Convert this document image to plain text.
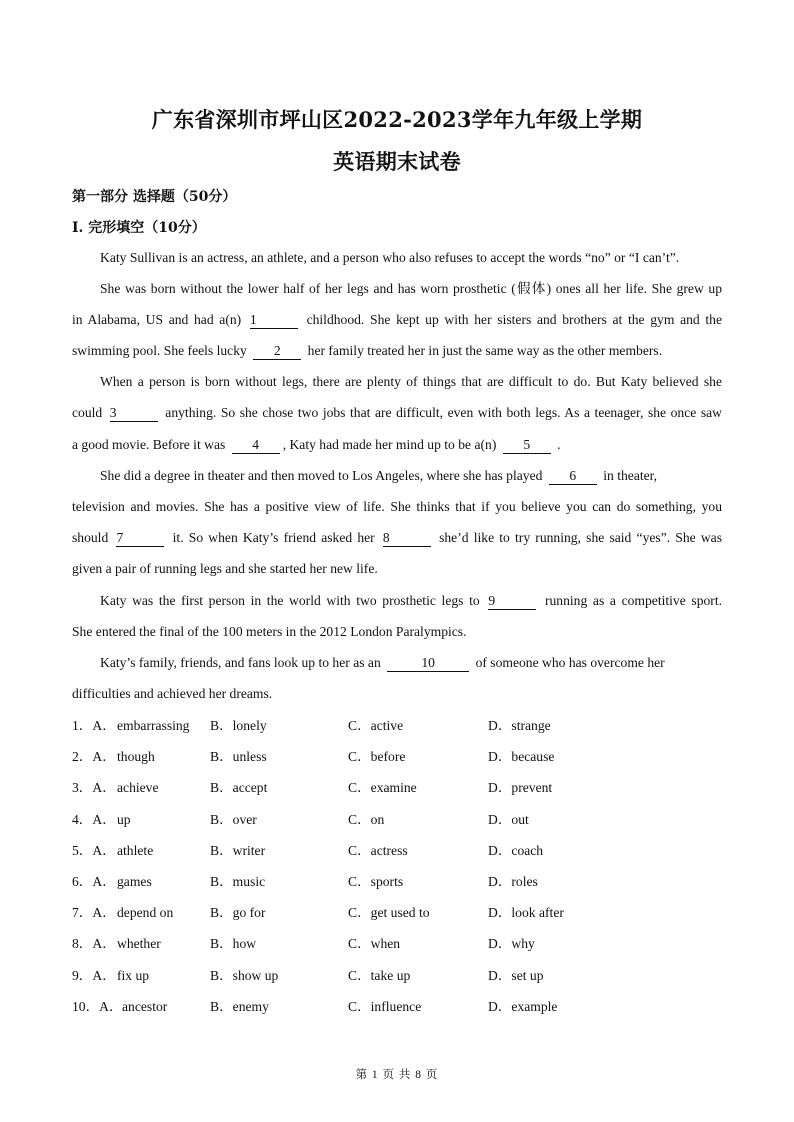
广东省深圳市坪山区2022-2023学年九年级上学期
英语期末试卷
第一部分 选择题（50分）
I. 完形填空（10分）
Katy Sullivan is an actress, an athlete, and a person who also refuses to accept the words “no” or “I can’t”.
She was born without the lower half of her legs and has worn prosthetic (假体) ones all her life. She grew up
in Alabama, US and had a(n) 1	childhood. She kept up with her sisters and brothers at the gym and the
swimming pool. She feels lucky 2 her family treated her in just the same way as the other members.
When a person is born without legs, there are plenty of things that are difficult to do. But Katy believed she
could 3	anything. So she chose two jobs that are difficult, even with both legs. As a teenager, she once saw
a good movie. Before it was 4 , Katy had made her mind up to be a(n) 5 .
She did a degree in theater and then moved to Los Angeles, where she has played 6 in theater,
television and movies. She has a positive view of life. She thinks that if you believe you can do something, you
should 7	it. So when Katy’s friend asked her 8	she’d like to try running, she said “yes”. She was
given a pair of running legs and she started her new life.
Katy was the first person in the world with two prosthetic legs to 9	running as a competitive sport.
She entered the final of the 100 meters in the 2012 London Paralympics.
Katy’s family, friends, and fans look up to her as an	10	of someone who has overcome her
difficulties and achieved her dreams.
1．A． embarrassing B．lonely	C．active	D．strange
2．A． though	B．unless	C．before	D．because
3．A． achieve	B．accept	C．examine	D．prevent
4．A． up	B．over	C．on	D．out
5．A． athlete	B．writer	C．actress	D．coach
6．A． games	B．music	C．sports	D．roles
7．A． depend on	B．go for	C．get used to	D．look after
8．A． whether	B．how	C．when	D．why
9．A． fix up	B．show up	C．take up	D．set up
10．A． ancestor	B．enemy	C．influence	D．example
第 1 页 共 8 页
